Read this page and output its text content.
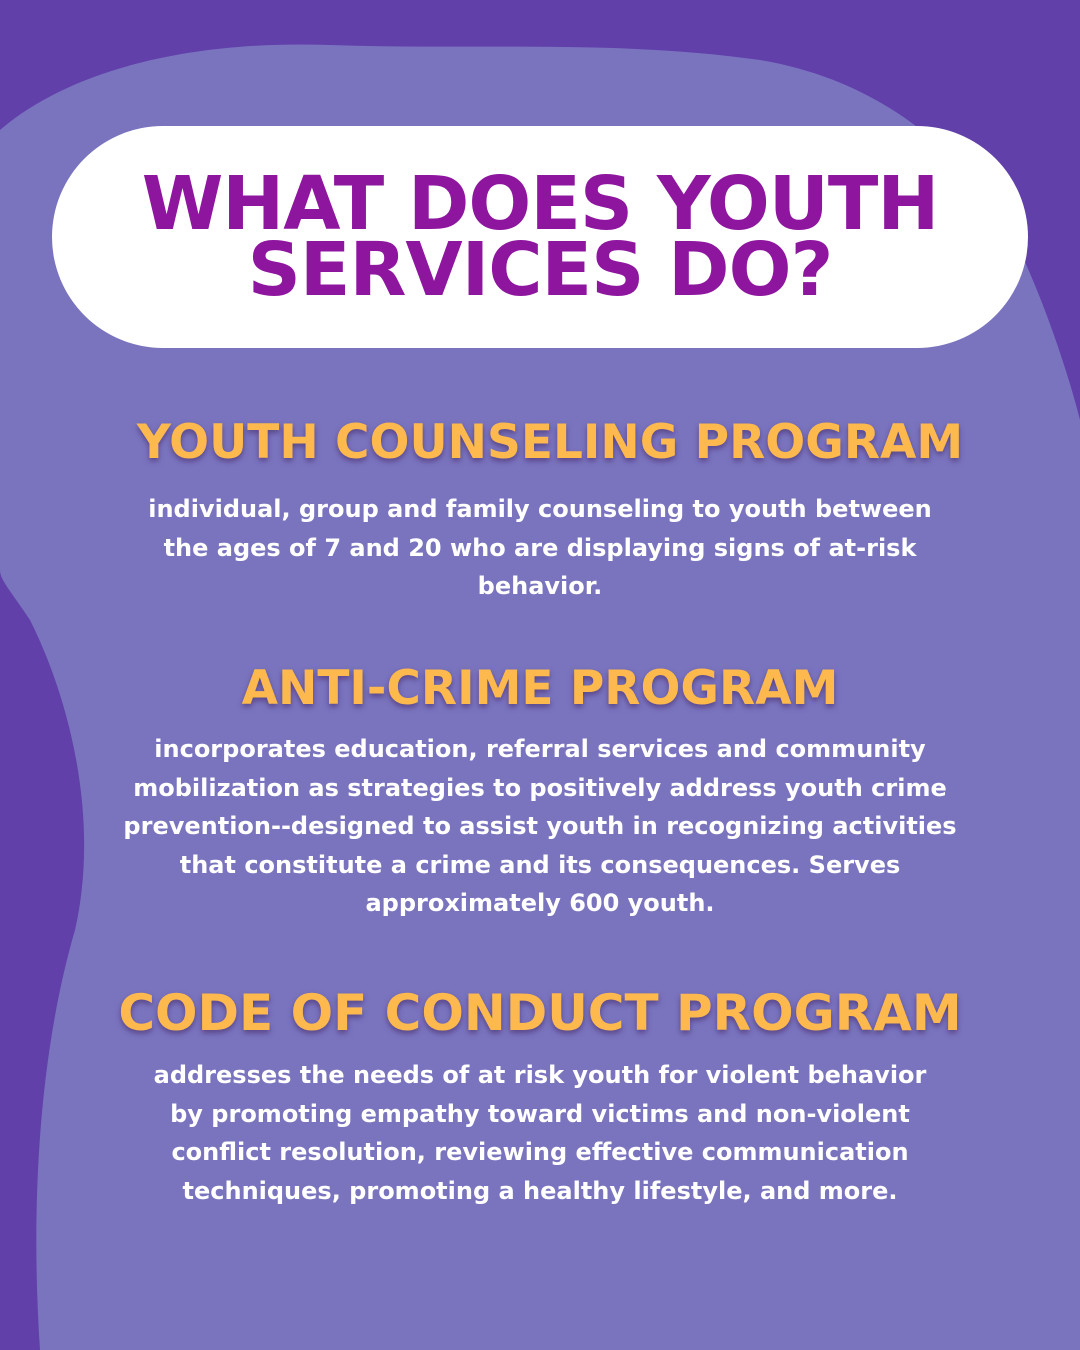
WHAT DOES YOUTH
SERVICES DO?
YOUTH COUNSELING PROGRAM
individual, group and family counseling to youth between the ages of 7 and 20 who are displaying signs of at-risk behavior.
ANTI-CRIME PROGRAM
incorporates education, referral services and community mobilization as strategies to positively address youth crime prevention--designed to assist youth in recognizing activities that constitute a crime and its consequences. Serves approximately 600 youth.
CODE OF CONDUCT PROGRAM
addresses the needs of at risk youth for violent behavior by promoting empathy toward victims and non-violent conflict resolution, reviewing effective communication techniques, promoting a healthy lifestyle, and more.
